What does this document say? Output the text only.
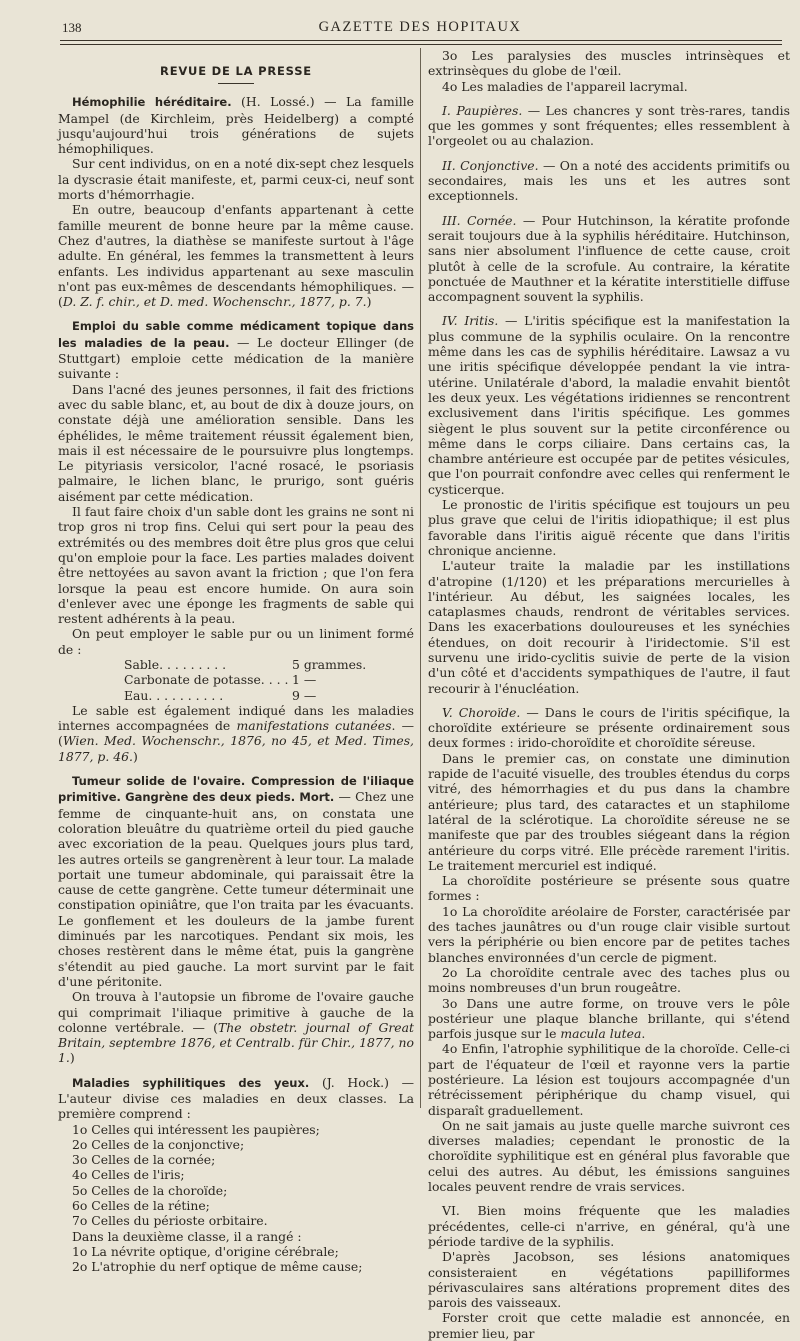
138	GAZETTE DES HOPITAUX
REVUE DE LA PRESSE

Hémophilie héréditaire. (H. Lossé.) — La famille Mampel (de Kirchleim, près Heidelberg) a compté jusqu'aujourd'hui trois générations de sujets hémophiliques.

Sur cent individus, on en a noté dix-sept chez lesquels la dyscrasie était manifeste, et, parmi ceux-ci, neuf sont morts d'hémorrhagie.

En outre, beaucoup d'enfants appartenant à cette famille meurent de bonne heure par la même cause. Chez d'autres, la diathèse se manifeste surtout à l'âge adulte. En général, les femmes la transmettent à leurs enfants. Les individus appartenant au sexe masculin n'ont pas eux-mêmes de descendants hémophiliques. — (D. Z. f. chir., et D. med. Wochenschr., 1877, p. 7.)

Emploi du sable comme médicament topique dans les maladies de la peau. — Le docteur Ellinger (de Stuttgart) emploie cette médication de la manière suivante :

Dans l'acné des jeunes personnes, il fait des frictions avec du sable blanc, et, au bout de dix à douze jours, on constate déjà une amélioration sensible. Dans les éphélides, le même traitement réussit également bien, mais il est nécessaire de le poursuivre plus longtemps. Le pityriasis versicolor, l'acné rosacé, le psoriasis palmaire, le lichen blanc, le prurigo, sont guéris aisément par cette médication.

Il faut faire choix d'un sable dont les grains ne sont ni trop gros ni trop fins. Celui qui sert pour la peau des extrémités ou des membres doit être plus gros que celui qu'on emploie pour la face. Les parties malades doivent être nettoyées au savon avant la friction ; que l'on fera lorsque la peau est encore humide. On aura soin d'enlever avec une éponge les fragments de sable qui restent adhérents à la peau.

On peut employer le sable pur ou un liniment formé de :

Sable. . . . . . . . .	5 grammes.
Carbonate de potasse. . . . 1 —
Eau. . . . . . . . . .	9 —

Le sable est également indiqué dans les maladies internes accompagnées de manifestations cutanées. — (Wien. Med. Wochenschr., 1876, no 45, et Med. Times, 1877, p. 46.)

Tumeur solide de l'ovaire. Compression de l'iliaque primitive. Gangrène des deux pieds. Mort. — Chez une femme de cinquante-huit ans, on constata une coloration bleuâtre du quatrième orteil du pied gauche avec excoriation de la peau. Quelques jours plus tard, les autres orteils se gangrenèrent à leur tour. La malade portait une tumeur abdominale, qui paraissait être la cause de cette gangrène. Cette tumeur déterminait une constipation opiniâtre, que l'on traita par les évacuants. Le gonflement et les douleurs de la jambe furent diminués par les narcotiques. Pendant six mois, les choses restèrent dans le même état, puis la gangrène s'étendit au pied gauche. La mort survint par le fait d'une péritonite.

On trouva à l'autopsie un fibrome de l'ovaire gauche qui comprimait l'iliaque primitive à gauche de la colonne vertébrale. — (The obstetr. journal of Great Britain, septembre 1876, et Centralb. für Chir., 1877, no 1.)

Maladies syphilitiques des yeux. (J. Hock.) — L'auteur divise ces maladies en deux classes. La première comprend :

1o Celles qui intéressent les paupières;

2o Celles de la conjonctive;

3o Celles de la cornée;

4o Celles de l'iris;

5o Celles de la choroïde;

6o Celles de la rétine;

7o Celles du périoste orbitaire.

Dans la deuxième classe, il a rangé :

1o La névrite optique, d'origine cérébrale;

2o L'atrophie du nerf optique de même cause;

3o Les paralysies des muscles intrinsèques et extrinsèques du globe de l'œil.

4o Les maladies de l'appareil lacrymal.

I. Paupières. — Les chancres y sont très-rares, tandis que les gommes y sont fréquentes; elles ressemblent à l'orgeolet ou au chalazion.

II. Conjonctive. — On a noté des accidents primitifs ou secondaires, mais les uns et les autres sont exceptionnels.

III. Cornée. — Pour Hutchinson, la kératite profonde serait toujours due à la syphilis héréditaire. Hutchinson, sans nier absolument l'influence de cette cause, croit plutôt à celle de la scrofule. Au contraire, la kératite ponctuée de Mauthner et la kératite interstitielle diffuse accompagnent souvent la syphilis.

IV. Iritis. — L'iritis spécifique est la manifestation la plus commune de la syphilis oculaire. On la rencontre même dans les cas de syphilis héréditaire. Lawsaz a vu une iritis spécifique développée pendant la vie intra-utérine. Unilatérale d'abord, la maladie envahit bientôt les deux yeux. Les végétations iridiennes se rencontrent exclusivement dans l'iritis spécifique. Les gommes siègent le plus souvent sur la petite circonférence ou même dans le corps ciliaire. Dans certains cas, la chambre antérieure est occupée par de petites vésicules, que l'on pourrait confondre avec celles qui renferment le cysticerque.

Le pronostic de l'iritis spécifique est toujours un peu plus grave que celui de l'iritis idiopathique; il est plus favorable dans l'iritis aiguë récente que dans l'iritis chronique ancienne.

L'auteur traite la maladie par les instillations d'atropine (1/120) et les préparations mercurielles à l'intérieur. Au début, les saignées locales, les cataplasmes chauds, rendront de véritables services. Dans les exacerbations douloureuses et les synéchies étendues, on doit recourir à l'iridectomie. S'il est survenu une irido-cyclitis suivie de perte de la vision d'un côté et d'accidents sympathiques de l'autre, il faut recourir à l'énucléation.

V. Choroïde. — Dans le cours de l'iritis spécifique, la choroïdite extérieure se présente ordinairement sous deux formes : irido-choroïdite et choroïdite séreuse.

Dans le premier cas, on constate une diminution rapide de l'acuité visuelle, des troubles étendus du corps vitré, des hémorrhagies et du pus dans la chambre antérieure; plus tard, des cataractes et un staphilome latéral de la sclérotique. La choroïdite séreuse ne se manifeste que par des troubles siégeant dans la région antérieure du corps vitré. Elle précède rarement l'iritis. Le traitement mercuriel est indiqué.

La choroïdite postérieure se présente sous quatre formes :

1o La choroïdite aréolaire de Forster, caractérisée par des taches jaunâtres ou d'un rouge clair visible surtout vers la périphérie ou bien encore par de petites taches blanches environnées d'un cercle de pigment.

2o La choroïdite centrale avec des taches plus ou moins nombreuses d'un brun rougeâtre.

3o Dans une autre forme, on trouve vers le pôle postérieur une plaque blanche brillante, qui s'étend parfois jusque sur le macula lutea.

4o Enfin, l'atrophie syphilitique de la choroïde. Celle-ci part de l'équateur de l'œil et rayonne vers la partie postérieure. La lésion est toujours accompagnée d'un rétrécissement périphérique du champ visuel, qui disparaît graduellement.

On ne sait jamais au juste quelle marche suivront ces diverses maladies; cependant le pronostic de la choroïdite syphilitique est en général plus favorable que celui des autres. Au début, les émissions sanguines locales peuvent rendre de vrais services.

VI. Bien moins fréquente que les maladies précédentes, celle-ci n'arrive, en général, qu'à une période tardive de la syphilis.

D'après Jacobson, ses lésions anatomiques consisteraient en végétations papilliformes périvasculaires sans altérations proprement dites des parois des vaisseaux.

Forster croit que cette maladie est annoncée, en premier lieu, par
